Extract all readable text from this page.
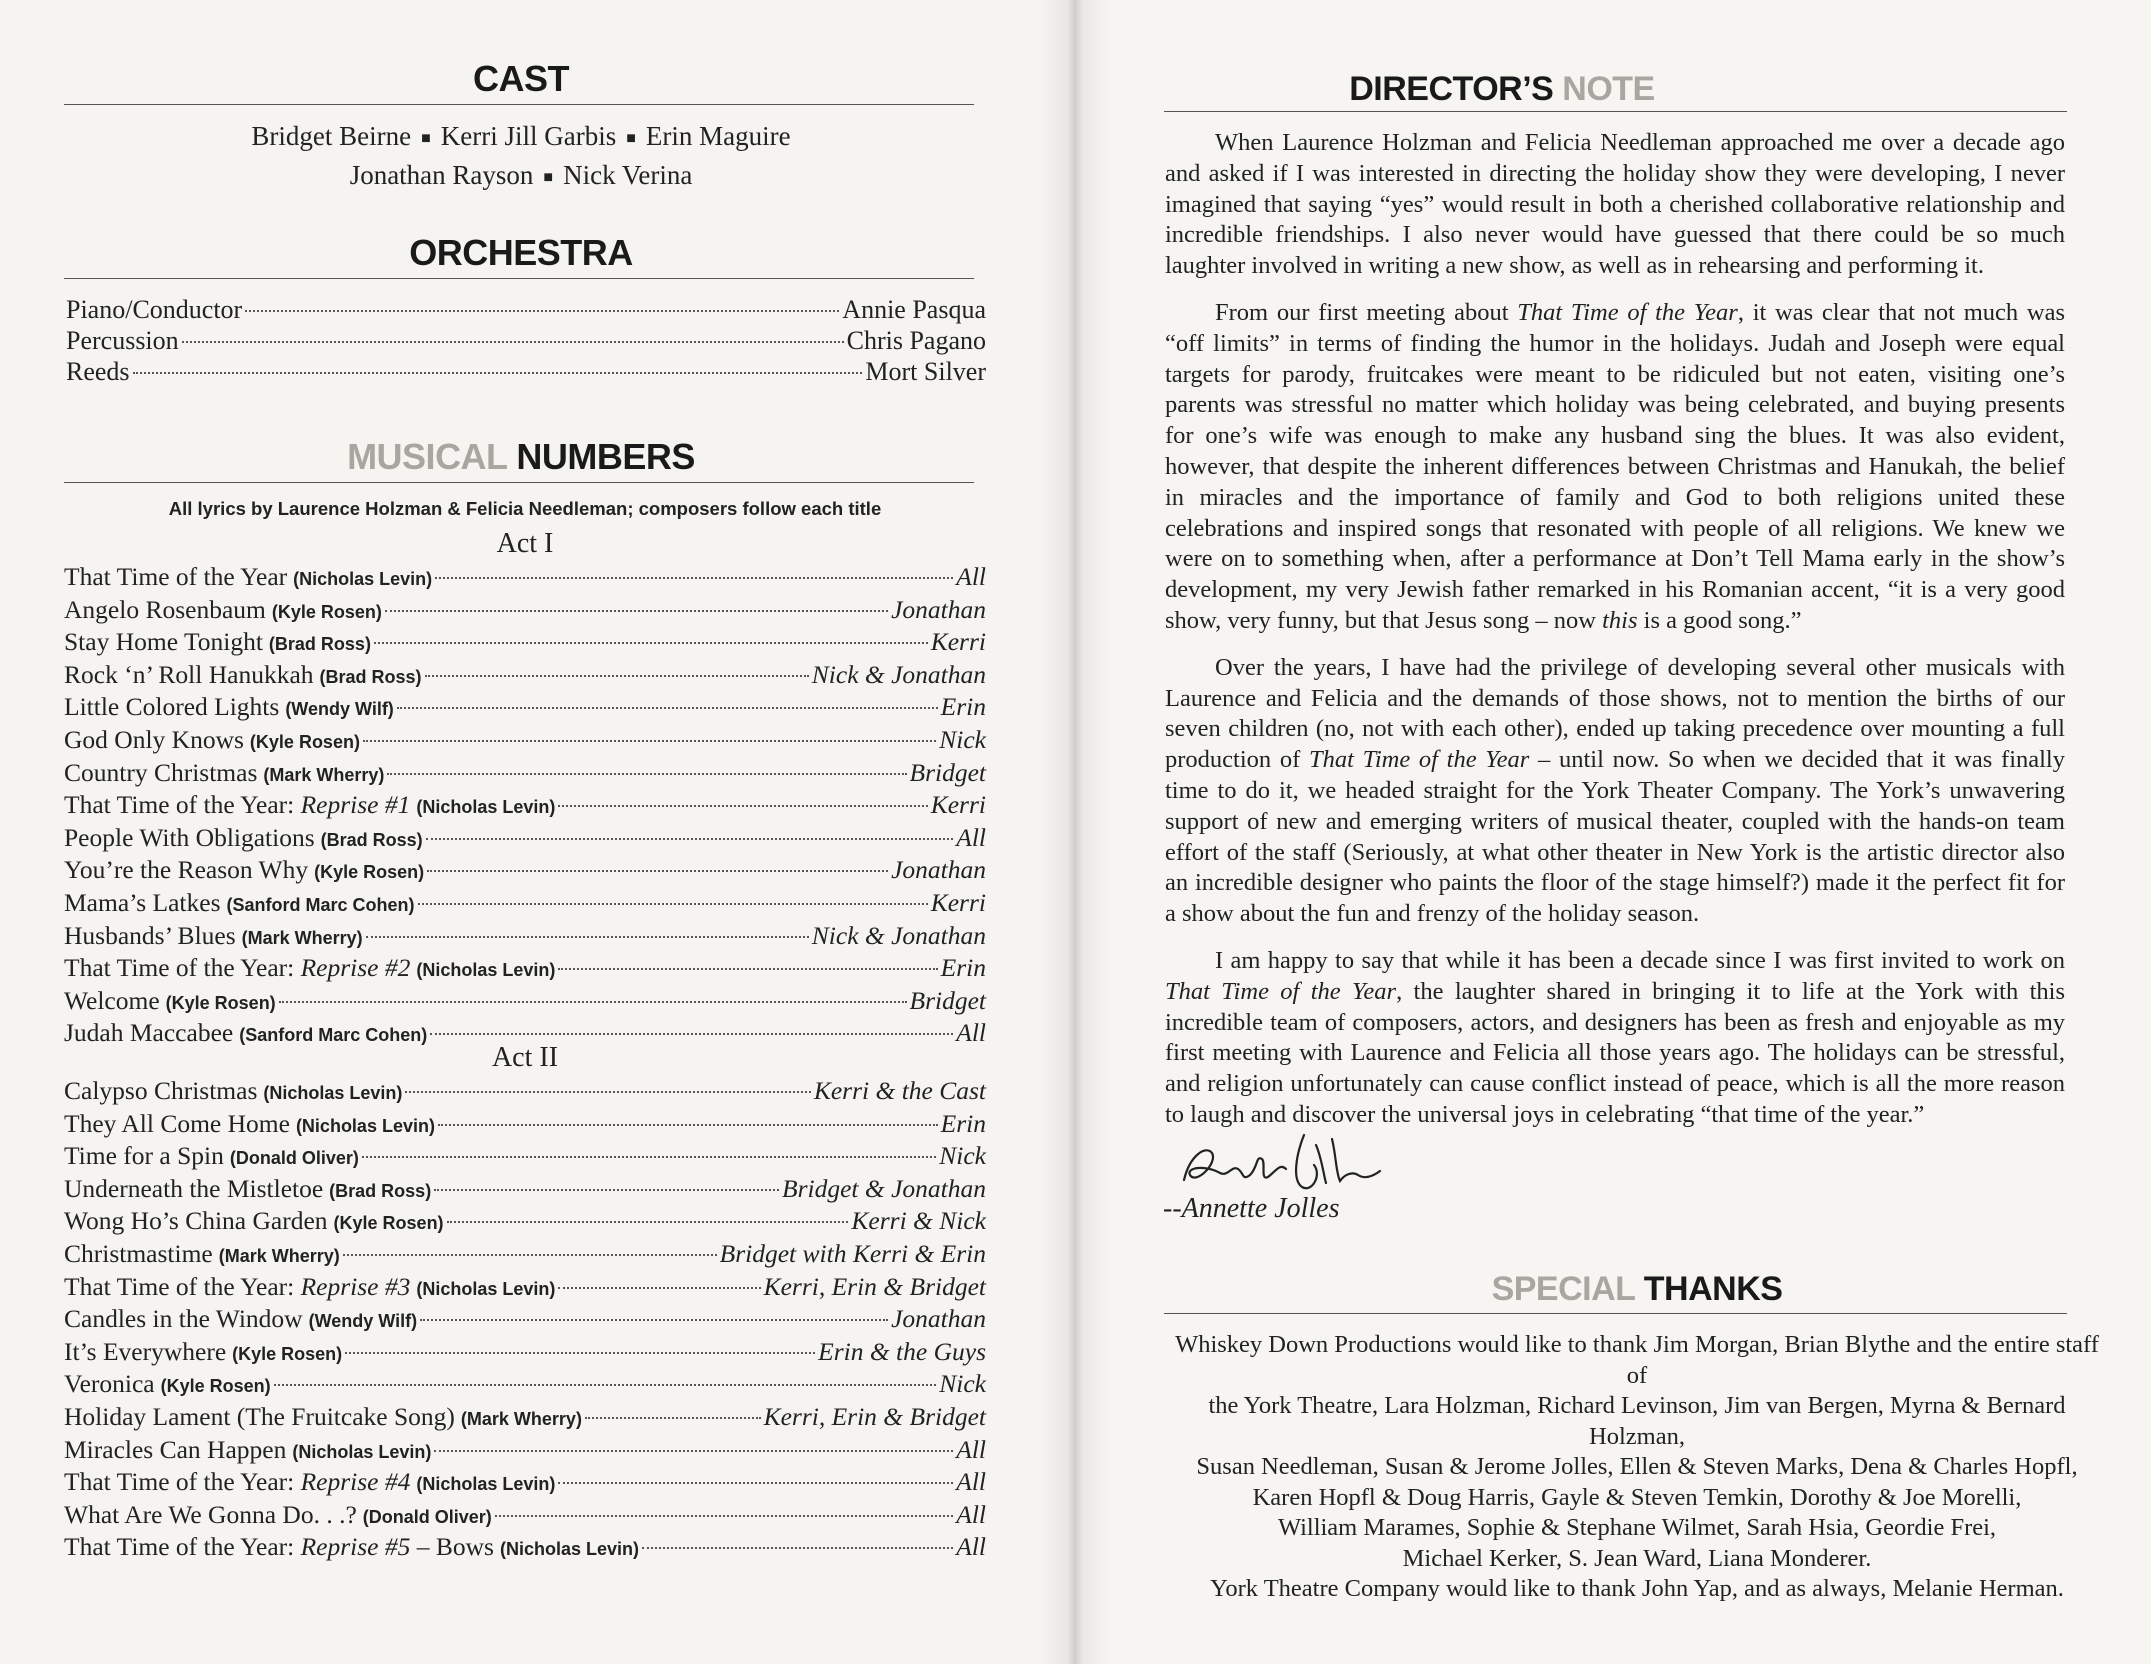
CAST
Bridget Beirne ■ Kerri Jill Garbis ■ Erin Maguire
Jonathan Rayson ■ Nick Verina
ORCHESTRA
Piano/Conductor	Annie Pasqua
Percussion	Chris Pagano
Reeds	Mort Silver
MUSICAL NUMBERS
All lyrics by Laurence Holzman & Felicia Needleman; composers follow each title
Act I
That Time of the Year (Nicholas Levin)	All
Angelo Rosenbaum (Kyle Rosen)	Jonathan
Stay Home Tonight (Brad Ross)	Kerri
Rock ‘n’ Roll Hanukkah (Brad Ross)	Nick & Jonathan
Little Colored Lights (Wendy Wilf)	Erin
God Only Knows (Kyle Rosen)	Nick
Country Christmas (Mark Wherry)	Bridget
That Time of the Year: Reprise #1 (Nicholas Levin)	Kerri
People With Obligations (Brad Ross)	All
You’re the Reason Why (Kyle Rosen)	Jonathan
Mama’s Latkes (Sanford Marc Cohen)	Kerri
Husbands’ Blues (Mark Wherry)	Nick & Jonathan
That Time of the Year: Reprise #2 (Nicholas Levin)	Erin
Welcome (Kyle Rosen)	Bridget
Judah Maccabee (Sanford Marc Cohen)	All
Act II
Calypso Christmas (Nicholas Levin)	Kerri & the Cast
They All Come Home (Nicholas Levin)	Erin
Time for a Spin (Donald Oliver)	Nick
Underneath the Mistletoe (Brad Ross)	Bridget & Jonathan
Wong Ho’s China Garden (Kyle Rosen)	Kerri & Nick
Christmastime (Mark Wherry)	Bridget with Kerri & Erin
That Time of the Year: Reprise #3 (Nicholas Levin)	Kerri, Erin & Bridget
Candles in the Window (Wendy Wilf)	Jonathan
It’s Everywhere (Kyle Rosen)	Erin & the Guys
Veronica (Kyle Rosen)	Nick
Holiday Lament (The Fruitcake Song) (Mark Wherry)	Kerri, Erin & Bridget
Miracles Can Happen (Nicholas Levin)	All
That Time of the Year: Reprise #4 (Nicholas Levin)	All
What Are We Gonna Do. . .? (Donald Oliver)	All
That Time of the Year: Reprise #5 – Bows (Nicholas Levin)	All
DIRECTOR’S NOTE

When Laurence Holzman and Felicia Needleman approached me over a decade ago and asked if I was interested in directing the holiday show they were developing, I never imagined that saying “yes” would result in both a cherished collaborative relationship and incredible friendships. I also never would have guessed that there could be so much laughter involved in writing a new show, as well as in rehearsing and performing it.

From our first meeting about That Time of the Year, it was clear that not much was “off limits” in terms of finding the humor in the holidays. Judah and Joseph were equal targets for parody, fruitcakes were meant to be ridiculed but not eaten, visiting one’s parents was stressful no matter which holiday was being celebrated, and buying presents for one’s wife was enough to make any husband sing the blues. It was also evident, however, that despite the inherent differences between Christmas and Hanukah, the belief in miracles and the importance of family and God to both religions united these celebrations and inspired songs that resonated with people of all religions. We knew we were on to something when, after a performance at Don’t Tell Mama early in the show’s development, my very Jewish father remarked in his Romanian accent, “it is a very good show, very funny, but that Jesus song – now this is a good song.”

Over the years, I have had the privilege of developing several other musicals with Laurence and Felicia and the demands of those shows, not to mention the births of our seven children (no, not with each other), ended up taking precedence over mounting a full production of That Time of the Year – until now. So when we decided that it was finally time to do it, we headed straight for the York Theater Company. The York’s unwavering support of new and emerging writers of musical theater, coupled with the hands-on team effort of the staff (Seriously, at what other theater in New York is the artistic director also an incredible designer who paints the floor of the stage himself?) made it the perfect fit for a show about the fun and frenzy of the holiday season.

I am happy to say that while it has been a decade since I was first invited to work on That Time of the Year, the laughter shared in bringing it to life at the York with this incredible team of composers, actors, and designers has been as fresh and enjoyable as my first meeting with Laurence and Felicia all those years ago. The holidays can be stressful, and religion unfortunately can cause conflict instead of peace, which is all the more reason to laugh and discover the universal joys in celebrating “that time of the year.”

--Annette Jolles
SPECIAL THANKS
Whiskey Down Productions would like to thank Jim Morgan, Brian Blythe and the entire staff of
the York Theatre, Lara Holzman, Richard Levinson, Jim van Bergen, Myrna & Bernard Holzman,
Susan Needleman, Susan & Jerome Jolles, Ellen & Steven Marks, Dena & Charles Hopfl,
Karen Hopfl & Doug Harris, Gayle & Steven Temkin, Dorothy & Joe Morelli,
William Marames, Sophie & Stephane Wilmet, Sarah Hsia, Geordie Frei,
Michael Kerker, S. Jean Ward, Liana Monderer.
York Theatre Company would like to thank John Yap, and as always, Melanie Herman.
